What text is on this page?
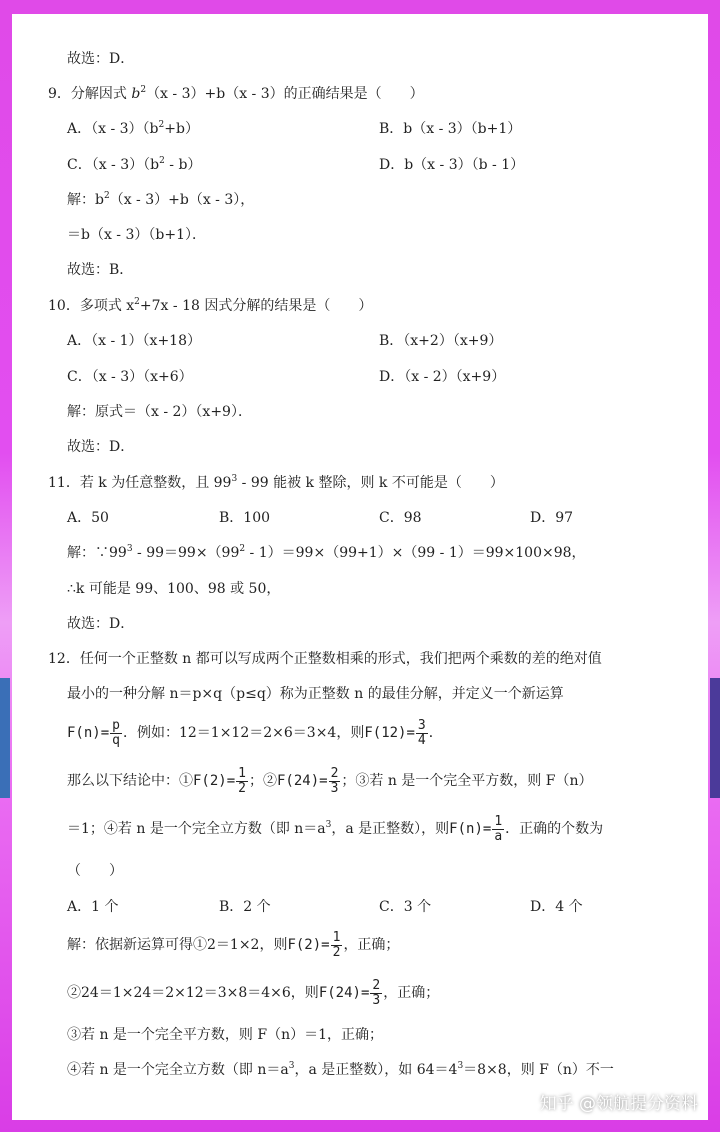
故选：D．
9．分解因式 $b^2(x - 3)+b(x - 3)$的正确结果是（　　）
A．$(x - 3)(b^2+b)$	B．b（x - 3）（b+1）
C．$(x - 3)(b^2 - b)$	D．b（x - 3）（b - 1）
解：$b^2(x - 3)+b(x - 3)$，
＝b（x - 3）（b+1）．
故选：B．
10．多项式 $x^2+7x - 18$ 因式分解的结果是（　　）
A．（x - 1）（x+18）	B．（x+2）（x+9）
C．（x - 3）（x+6）	D．（x - 2）（x+9）
解：原式＝（x - 2）（x+9）．
故选：D．
11．若 k 为任意整数，且 $99^3 - 99$ 能被 k 整除，则 k 不可能是（　　）
A．50	B．100	C．98	D．97
解：$\because 99^3 - 99=99\times(99^2 - 1)=99\times(99+1)\times(99 - 1)=99\times 100\times 98$，
∴k 可能是 99、100、98 或 50，
故选：D．
12．任何一个正整数 n 都可以写成两个正整数相乘的形式，我们把两个乘数的差的绝对值
最小的一种分解 n＝p×q（p≤q）称为正整数 n 的最佳分解，并定义一个新运算
$F(n)= \frac{p}{q}$ ．例如：12＝1×12＝2×6＝3×4，则$F(12)= \frac{3}{4}$ ．
那么以下结论中：①F(2)= $\frac{1}{2}$ ；②F(24)= $\frac{2}{3}$ ；③若 n 是一个完全平方数，则 F（n）
＝1；④若 n 是一个完全立方数（即 $n=a^3$，a 是正整数），则$F(n)= \frac{1}{a}$ ．正确的个数为
（　　）
A．1 个	B．2 个	C．3 个	D．4 个
解：依据新运算可得①2＝1×2，则$F(2)= \frac{1}{2}$ ，正确；
②24＝1×24＝2×12＝3×8＝4×6，则$F(24)= \frac{2}{3}$ ，正确；
③若 n 是一个完全平方数，则 F（n）＝1，正确；
④若 n 是一个完全立方数（即 $n=a^3$，a 是正整数），如 $64=4^3=8\times 8$，则 F（n）不一
知乎 @领航提分资料
